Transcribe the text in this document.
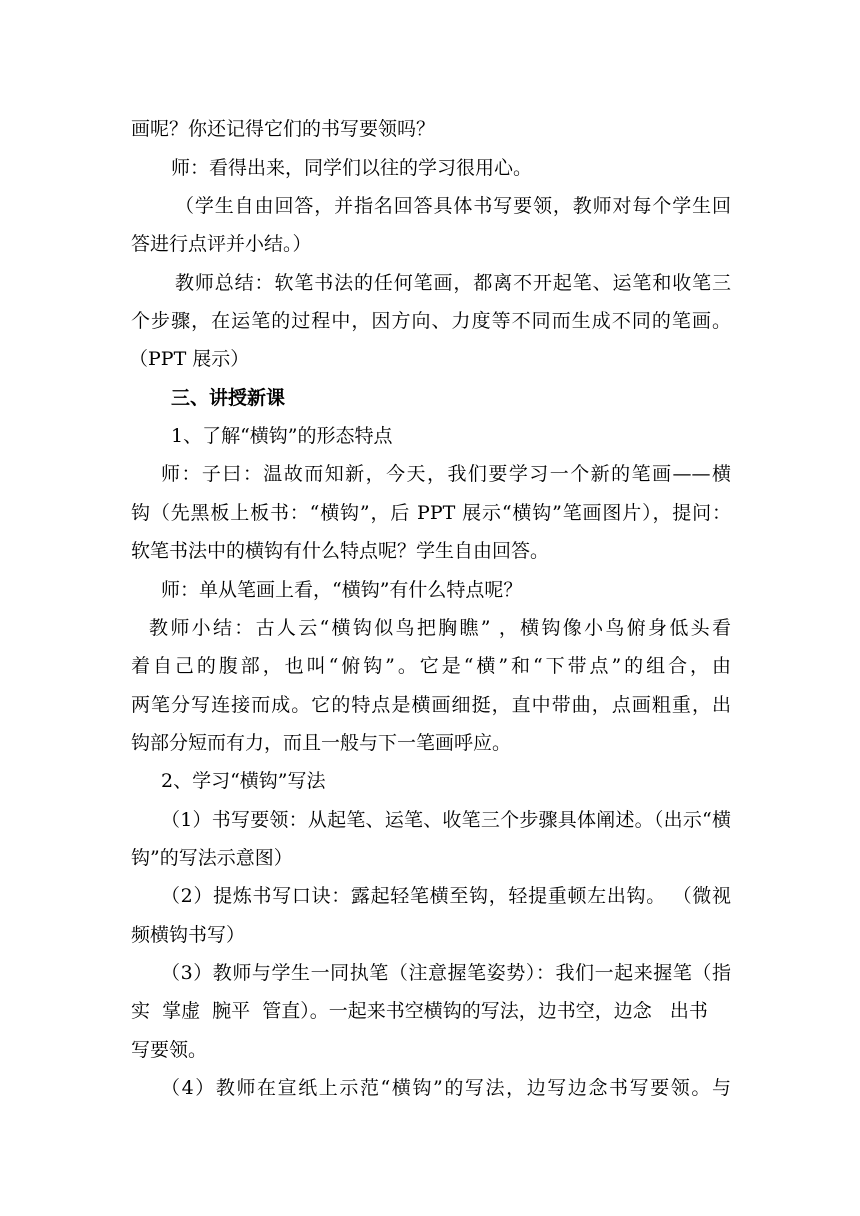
画呢？你还记得它们的书写要领吗？
师：看得出来，同学们以往的学习很用心。
（学生自由回答，并指名回答具体书写要领，教师对每个学生回
答进行点评并小结。）
教师总结：软笔书法的任何笔画，都离不开起笔、运笔和收笔三
个步骤，在运笔的过程中，因方向、力度等不同而生成不同的笔画。
（PPT 展示）
三、讲授新课
1、了解“横钩”的形态特点
师：子曰：温故而知新，今天，我们要学习一个新的笔画——横
钩（先黑板上板书：“横钩”，后 PPT 展示“横钩”笔画图片），提问：
软笔书法中的横钩有什么特点呢？学生自由回答。
师：单从笔画上看，“横钩”有什么特点呢？
教师小结：古人云“横钩似鸟把胸瞧” ，横钩像小鸟俯身低头看
着自己的腹部，也叫“俯钩”。它是“横”和“下带点”的组合，由
两笔分写连接而成。它的特点是横画细挺，直中带曲，点画粗重，出
钩部分短而有力，而且一般与下一笔画呼应。
2、学习“横钩”写法
（1）书写要领：从起笔、运笔、收笔三个步骤具体阐述。（出示“横
钩”的写法示意图）
（2）提炼书写口诀：露起轻笔横至钩，轻提重顿左出钩。 （微视
频横钩书写）
（3）教师与学生一同执笔（注意握笔姿势）：我们一起来握笔（指
实  掌虚  腕平  管直）。一起来书空横钩的写法，边书空，边念   出书
写要领。
（4）教师在宣纸上示范“横钩”的写法，边写边念书写要领。与
